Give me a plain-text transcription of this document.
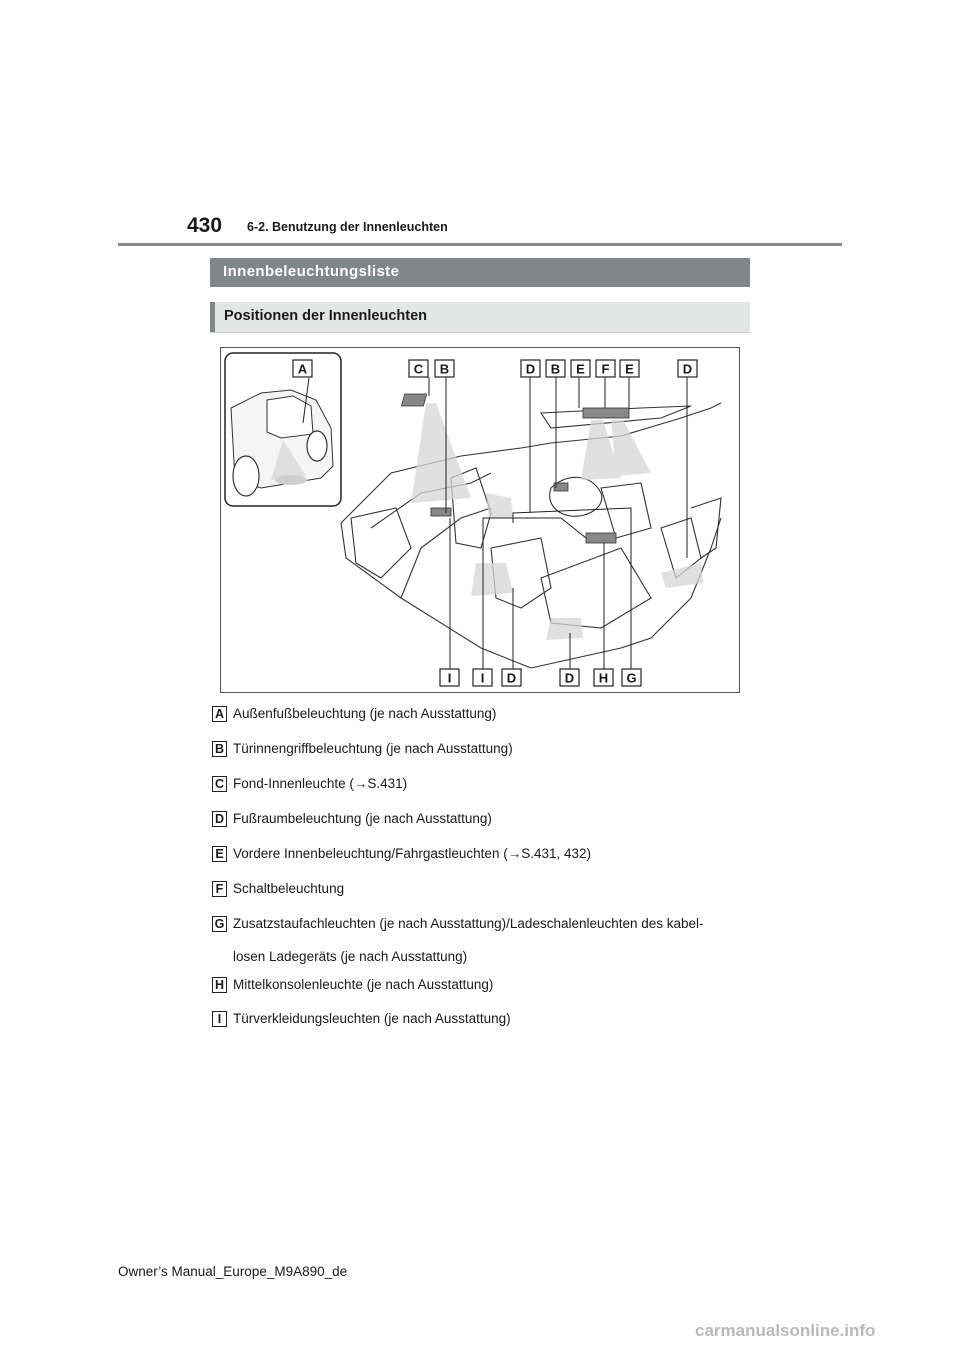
430 6-2. Benutzung der Innenleuchten
Innenbeleuchtungsliste
Positionen der Innenleuchten
A	C B	D B E F E	D
I I D	D H G
A Außenfußbeleuchtung (je nach Ausstattung)
B Türinnengriffbeleuchtung (je nach Ausstattung)
C Fond-Innenleuchte (→S.431)
D Fußraumbeleuchtung (je nach Ausstattung)
E Vordere Innenbeleuchtung/Fahrgastleuchten (→S.431, 432)
F Schaltbeleuchtung
G Zusatzstaufachleuchten (je nach Ausstattung)/Ladeschalenleuchten des kabel-
losen Ladegeräts (je nach Ausstattung)
H Mittelkonsolenleuchte (je nach Ausstattung)
I Türverkleidungsleuchten (je nach Ausstattung)
Owner’s Manual_Europe_M9A890_de
carmanualsonline.info
